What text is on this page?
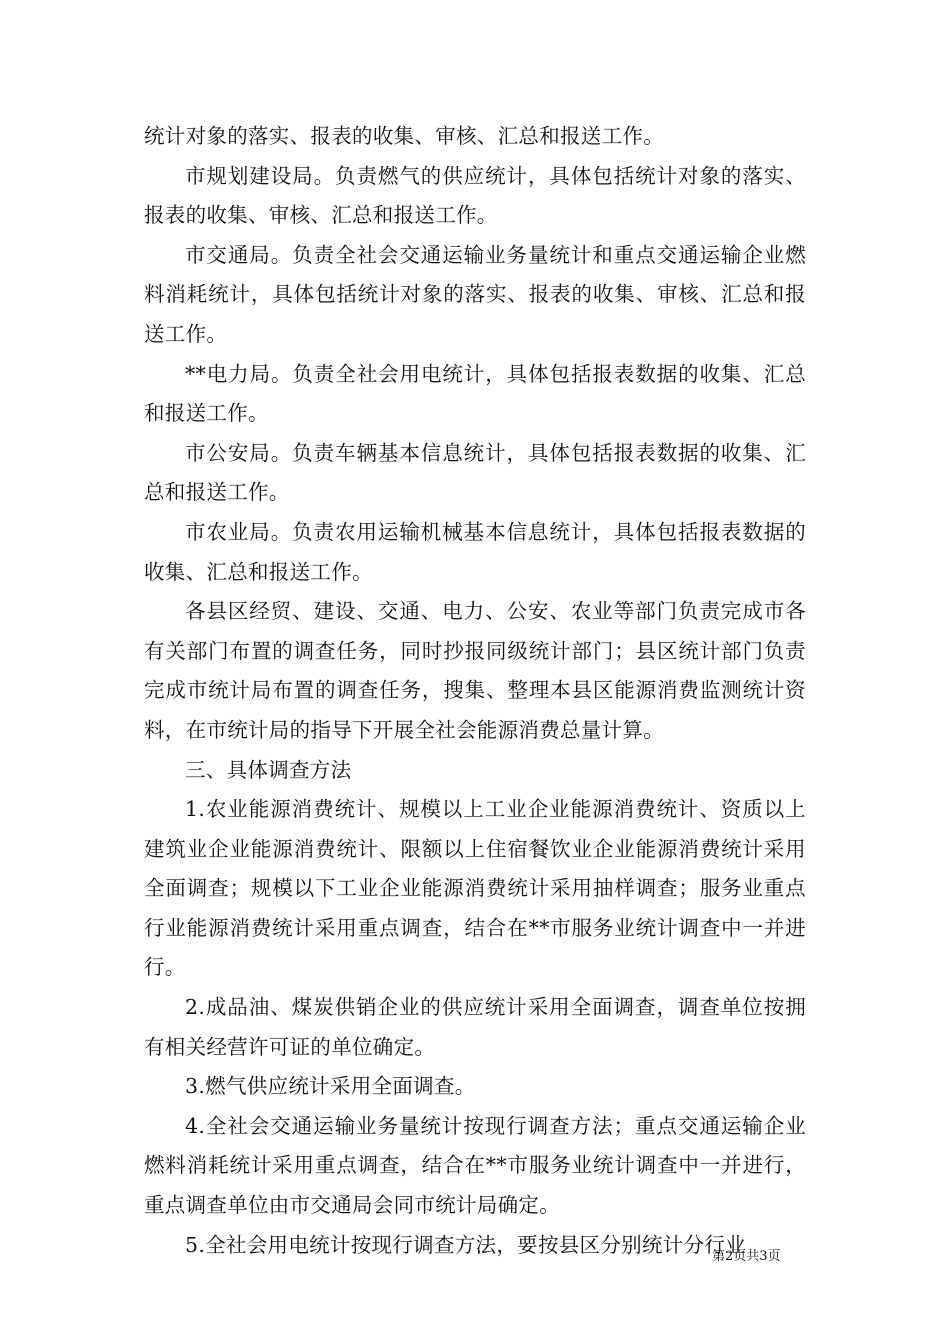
统计对象的落实、报表的收集、审核、汇总和报送工作。

市规划建设局。负责燃气的供应统计，具体包括统计对象的落实、报表的收集、审核、汇总和报送工作。

市交通局。负责全社会交通运输业务量统计和重点交通运输企业燃料消耗统计，具体包括统计对象的落实、报表的收集、审核、汇总和报送工作。

**电力局。负责全社会用电统计，具体包括报表数据的收集、汇总和报送工作。

市公安局。负责车辆基本信息统计，具体包括报表数据的收集、汇总和报送工作。

市农业局。负责农用运输机械基本信息统计，具体包括报表数据的收集、汇总和报送工作。

各县区经贸、建设、交通、电力、公安、农业等部门负责完成市各有关部门布置的调查任务，同时抄报同级统计部门；县区统计部门负责完成市统计局布置的调查任务，搜集、整理本县区能源消费监测统计资料，在市统计局的指导下开展全社会能源消费总量计算。

三、具体调查方法

1.农业能源消费统计、规模以上工业企业能源消费统计、资质以上建筑业企业能源消费统计、限额以上住宿餐饮业企业能源消费统计采用全面调查；规模以下工业企业能源消费统计采用抽样调查；服务业重点行业能源消费统计采用重点调查，结合在**市服务业统计调查中一并进行。

2.成品油、煤炭供销企业的供应统计采用全面调查，调查单位按拥有相关经营许可证的单位确定。

3.燃气供应统计采用全面调查。

4.全社会交通运输业务量统计按现行调查方法；重点交通运输企业燃料消耗统计采用重点调查，结合在**市服务业统计调查中一并进行，重点调查单位由市交通局会同市统计局确定。

5.全社会用电统计按现行调查方法，要按县区分别统计分行业

第2页共3页
